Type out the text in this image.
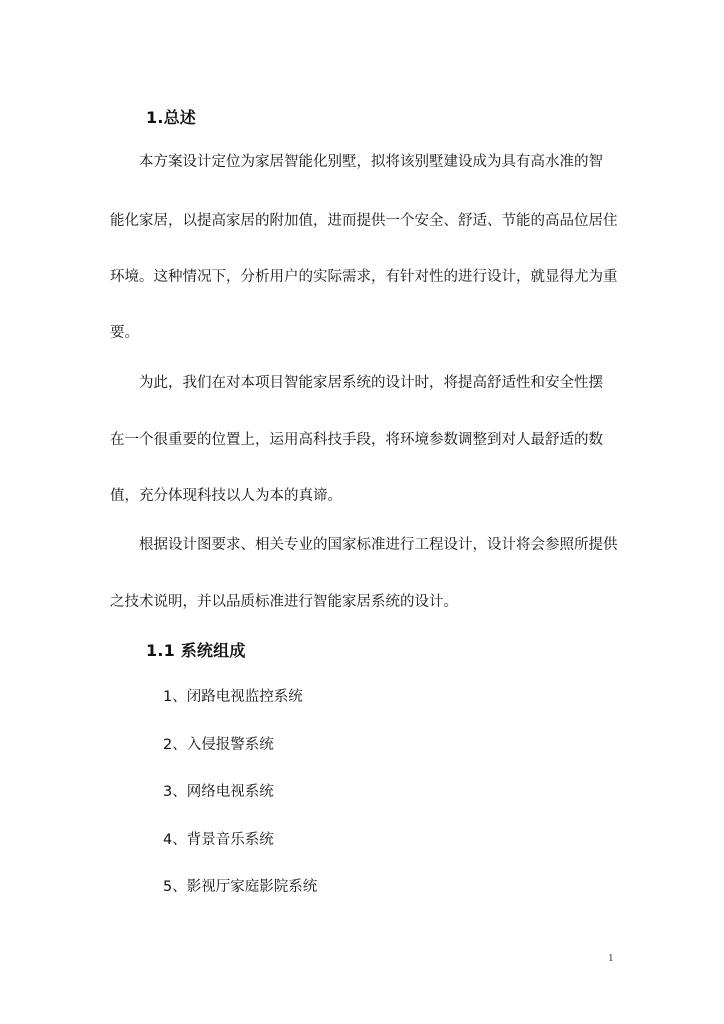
1.总述
本方案设计定位为家居智能化别墅，拟将该别墅建设成为具有高水准的智
能化家居，以提高家居的附加值，进而提供一个安全、舒适、节能的高品位居住
环境。这种情况下，分析用户的实际需求，有针对性的进行设计，就显得尤为重
要。
为此，我们在对本项目智能家居系统的设计时，将提高舒适性和安全性摆
在一个很重要的位置上，运用高科技手段，将环境参数调整到对人最舒适的数
值，充分体现科技以人为本的真谛。
根据设计图要求、相关专业的国家标准进行工程设计，设计将会参照所提供
之技术说明，并以品质标准进行智能家居系统的设计。
1.1 系统组成
1、闭路电视监控系统
2、入侵报警系统
3、网络电视系统
4、背景音乐系统
5、影视厅家庭影院系统
1
